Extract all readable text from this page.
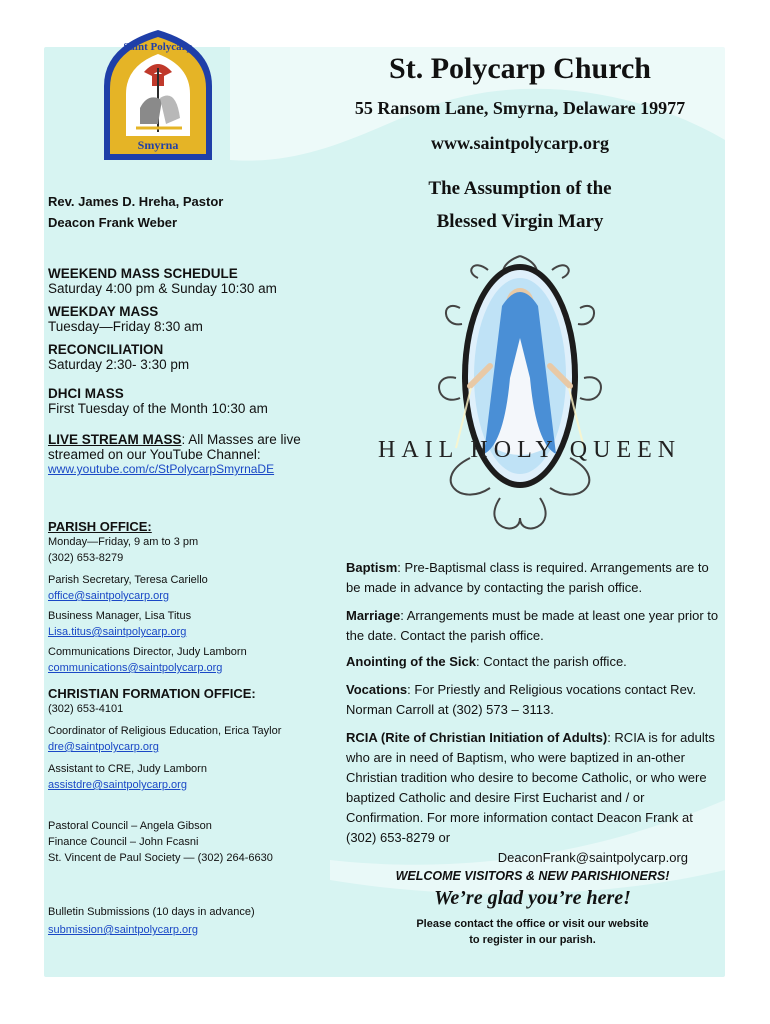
Smyrna
Saint Polycarp
St. Polycarp Church
55 Ransom Lane, Smyrna, Delaware 19977
www.saintpolycarp.org
The Assumption of the
Blessed Virgin Mary
Rev. James D. Hreha, Pastor
Deacon Frank Weber
WEEKEND MASS SCHEDULE
Saturday 4:00 pm & Sunday 10:30 am
WEEKDAY MASS
Tuesday—Friday 8:30 am
RECONCILIATION
Saturday 2:30- 3:30 pm
DHCI MASS
First Tuesday of the Month 10:30 am
LIVE STREAM MASS: All Masses are live
streamed on our YouTube Channel:
www.youtube.com/c/StPolycarpSmyrnaDE
PARISH OFFICE:
Monday—Friday, 9 am to 3 pm
(302) 653-8279
Parish Secretary, Teresa Cariello
office@saintpolycarp.org
Business Manager, Lisa Titus
Lisa.titus@saintpolycarp.org
Communications Director, Judy Lamborn
communications@saintpolycarp.org
CHRISTIAN FORMATION OFFICE:
(302) 653-4101
Coordinator of Religious Education, Erica Taylor
dre@saintpolycarp.org
Assistant to CRE, Judy Lamborn
assistdre@saintpolycarp.org
Pastoral Council – Angela Gibson
Finance Council – John Fcasni
St. Vincent de Paul Society — (302) 264-6630
Bulletin Submissions (10 days in advance)
submission@saintpolycarp.org
HAIL HOLY QUEEN

Baptism: Pre-Baptismal class is required. Arrangements are to be made in advance by contacting the parish office.

Marriage: Arrangements must be made at least one year prior to the date. Contact the parish office.

Anointing of the Sick: Contact the parish office.

Vocations: For Priestly and Religious vocations contact Rev. Norman Carroll at (302) 573 – 3113.

RCIA (Rite of Christian Initiation of Adults): RCIA is for adults who are in need of Baptism, who were baptized in an-other Christian tradition who desire to become Catholic, or who were baptized Catholic and desire First Eucharist and / or Confirmation. For more information contact Deacon Frank at (302) 653-8279 or

DeaconFrank@saintpolycarp.org
WELCOME VISITORS & NEW PARISHIONERS!
We’re glad you’re here!
Please contact the office or visit our website
to register in our parish.
